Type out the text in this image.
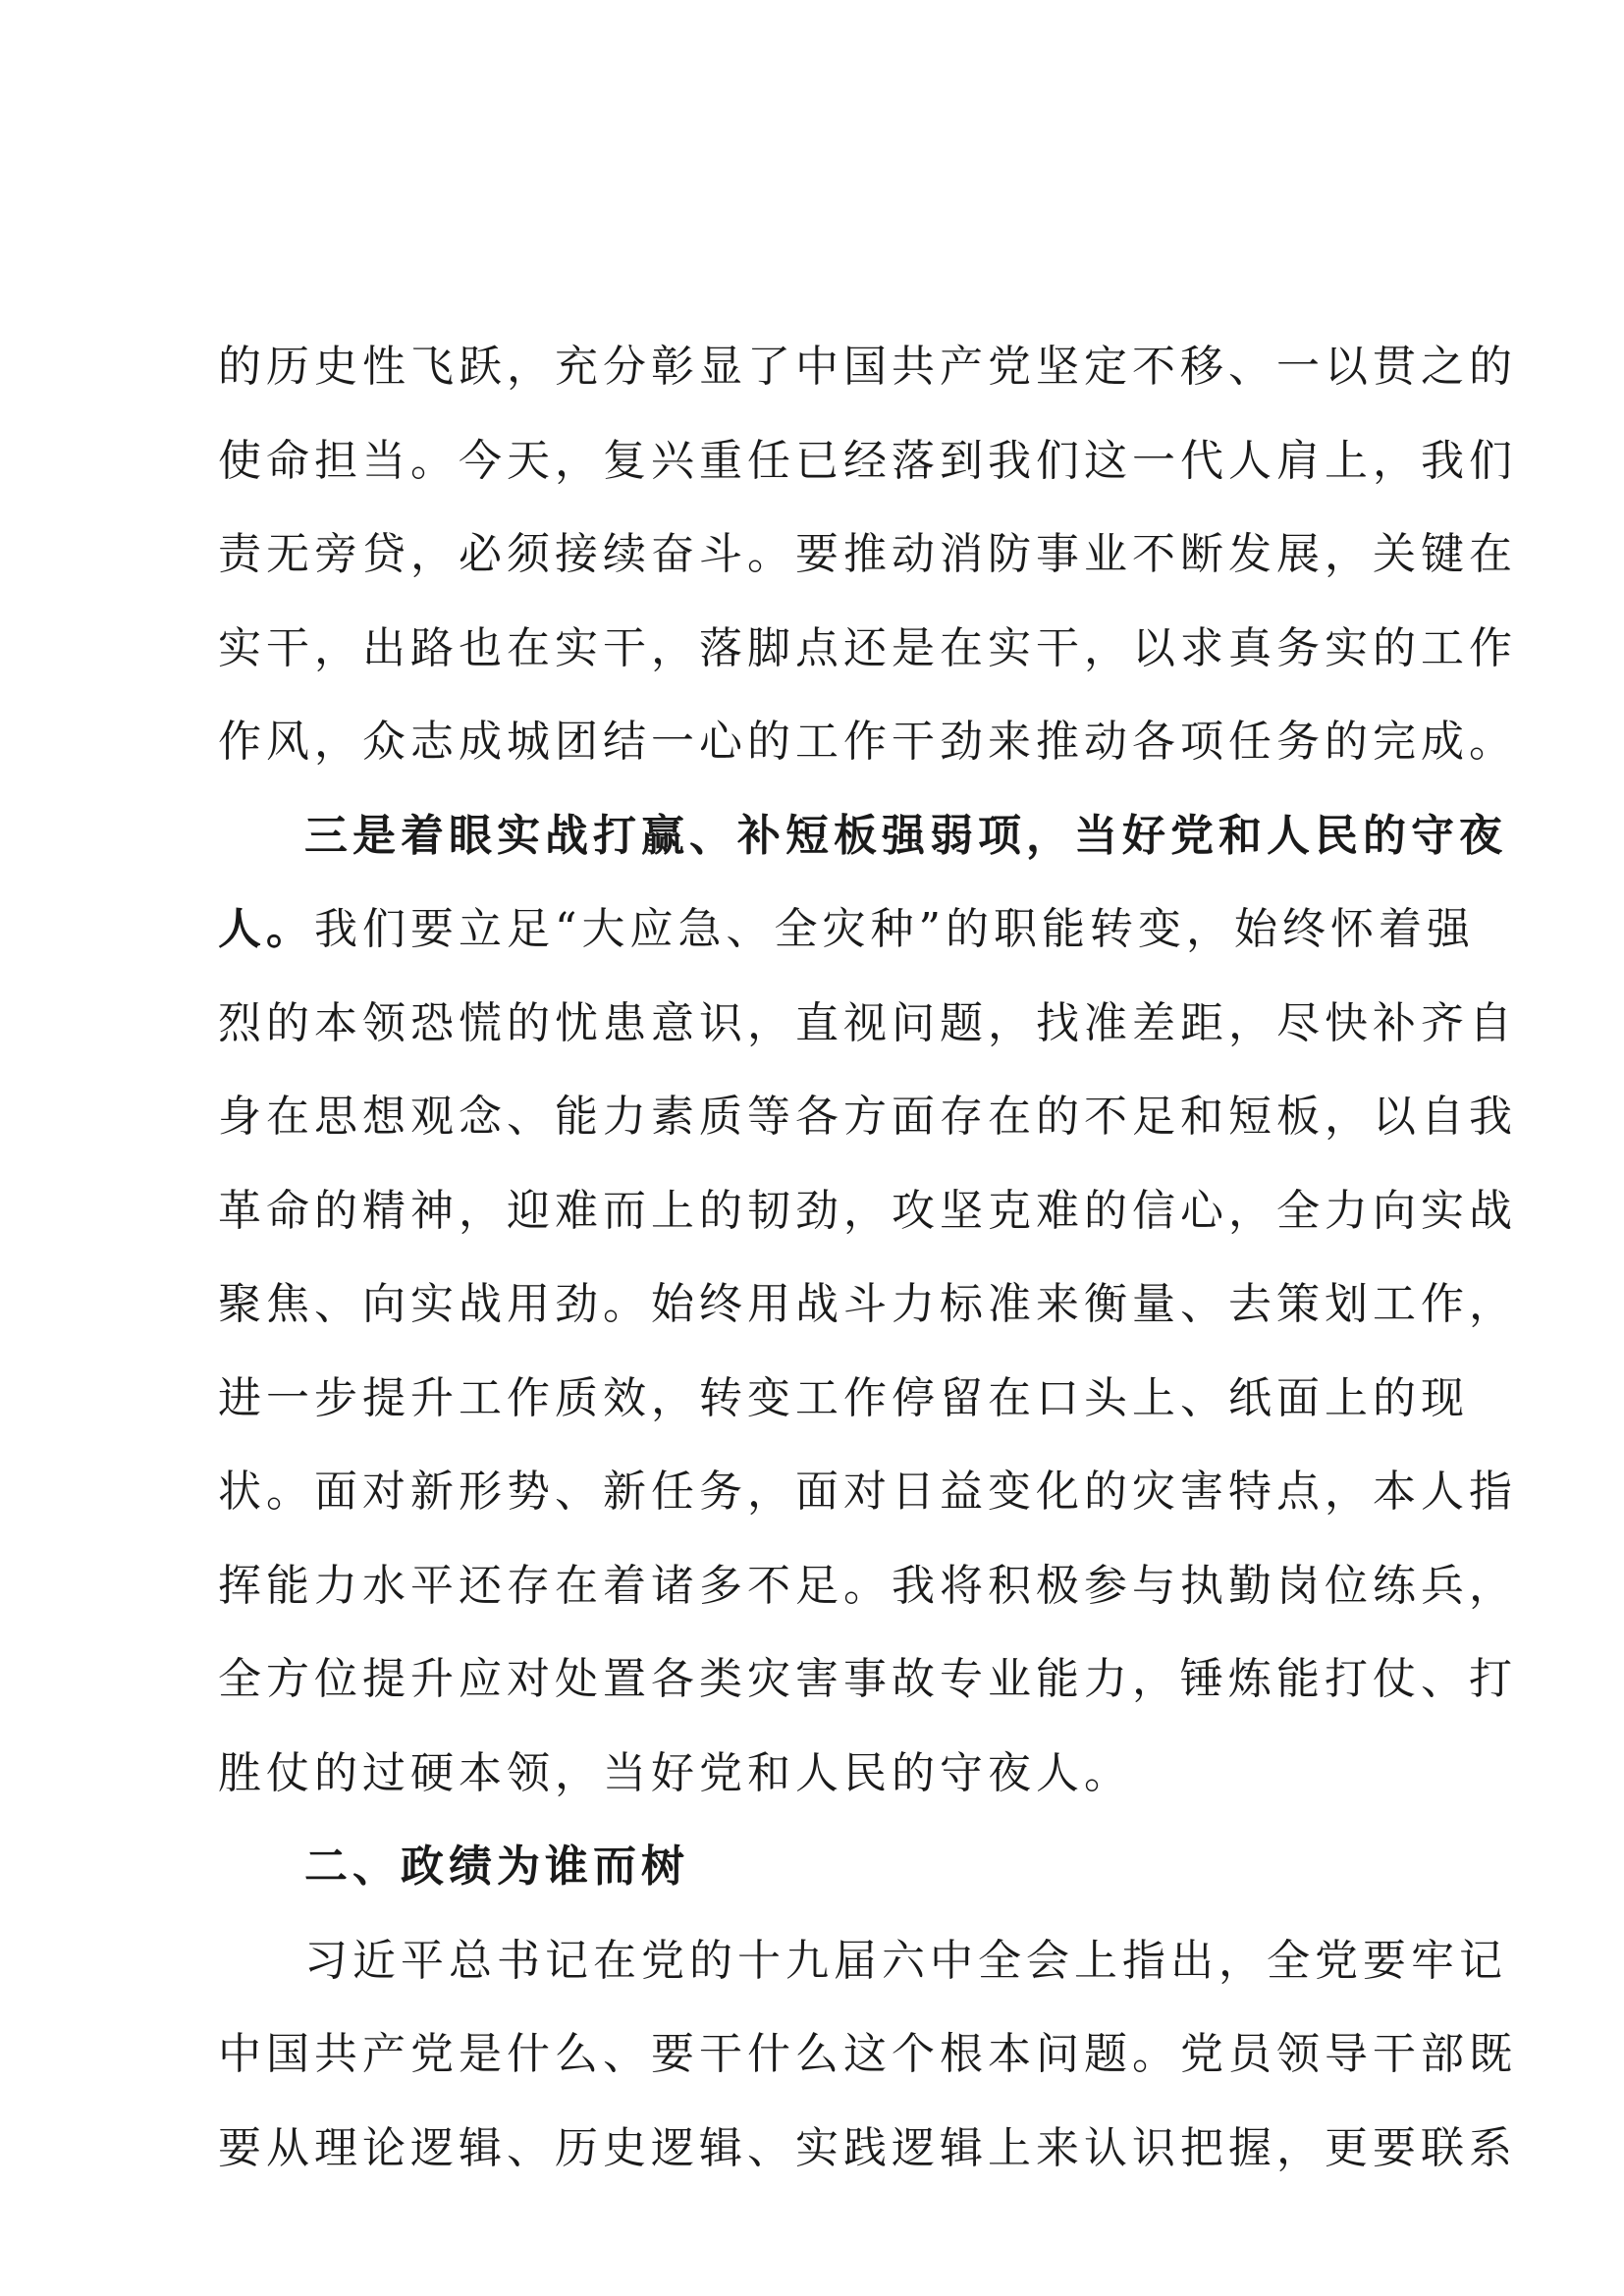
的历史性飞跃，充分彰显了中国共产党坚定不移、一以贯之的
使命担当。今天，复兴重任已经落到我们这一代人肩上，我们
责无旁贷，必须接续奋斗。要推动消防事业不断发展，关键在
实干，出路也在实干，落脚点还是在实干，以求真务实的工作
作风，众志成城团结一心的工作干劲来推动各项任务的完成。
三是着眼实战打赢、补短板强弱项，当好党和人民的守夜
人。我们要立足“大应急、全灾种”的职能转变，始终怀着强
烈的本领恐慌的忧患意识，直视问题，找准差距，尽快补齐自
身在思想观念、能力素质等各方面存在的不足和短板，以自我
革命的精神，迎难而上的韧劲，攻坚克难的信心，全力向实战
聚焦、向实战用劲。始终用战斗力标准来衡量、去策划工作，
进一步提升工作质效，转变工作停留在口头上、纸面上的现
状。面对新形势、新任务，面对日益变化的灾害特点，本人指
挥能力水平还存在着诸多不足。我将积极参与执勤岗位练兵，
全方位提升应对处置各类灾害事故专业能力，锤炼能打仗、打
胜仗的过硬本领，当好党和人民的守夜人。
二、政绩为谁而树
习近平总书记在党的十九届六中全会上指出，全党要牢记
中国共产党是什么、要干什么这个根本问题。党员领导干部既
要从理论逻辑、历史逻辑、实践逻辑上来认识把握，更要联系
